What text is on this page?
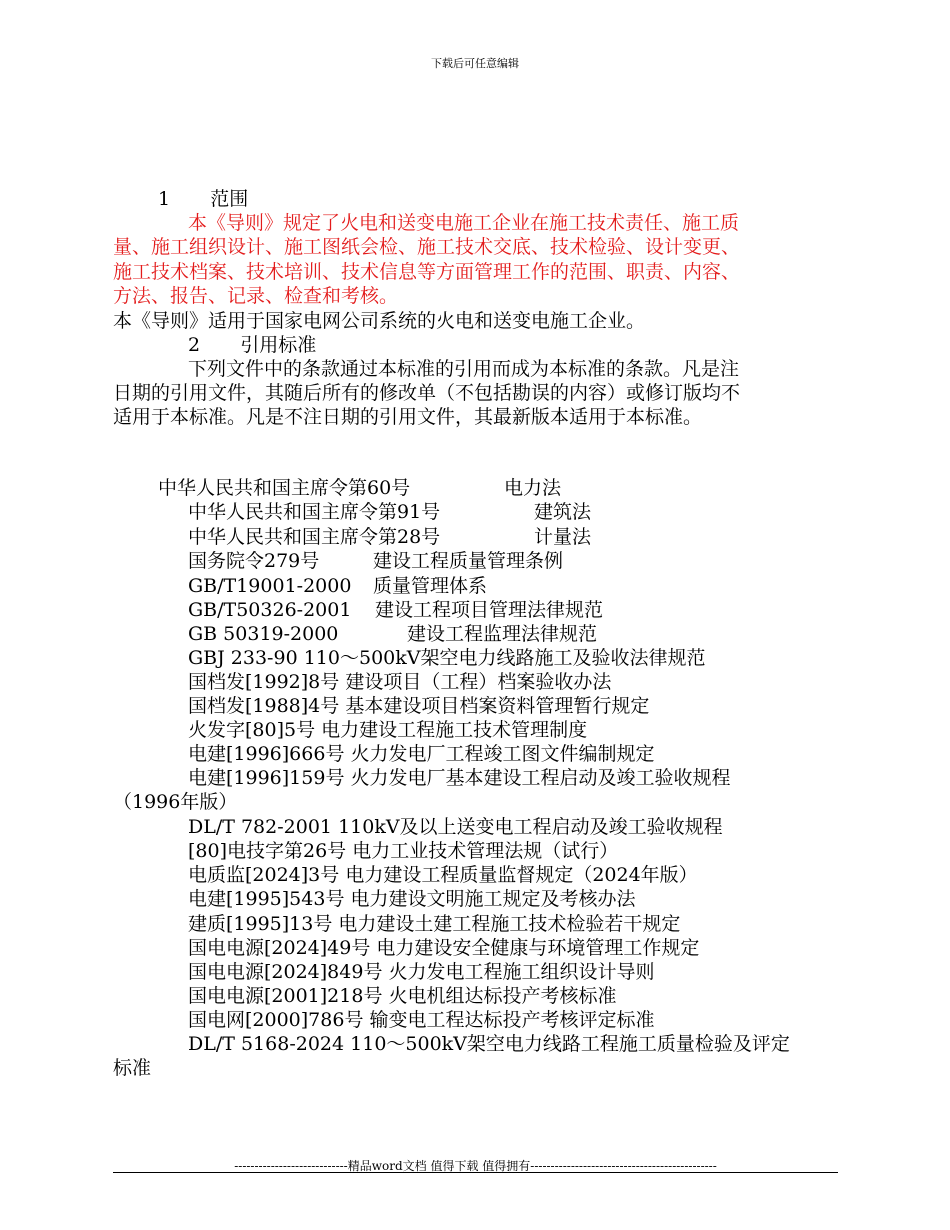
下载后可任意编辑
1 范围
本《导则》规定了火电和送变电施工企业在施工技术责任、施工质
量、施工组织设计、施工图纸会检、施工技术交底、技术检验、设计变更、
施工技术档案、技术培训、技术信息等方面管理工作的范围、职责、内容、
方法、报告、记录、检查和考核。
本《导则》适用于国家电网公司系统的火电和送变电施工企业。
2 引用标准
下列文件中的条款通过本标准的引用而成为本标准的条款。凡是注
日期的引用文件，其随后所有的修改单（不包括勘误的内容）或修订版均不
适用于本标准。凡是不注日期的引用文件，其最新版本适用于本标准。
中华人民共和国主席令第60号	电力法
中华人民共和国主席令第91号	建筑法
中华人民共和国主席令第28号	计量法
国务院令279号	建设工程质量管理条例
GB/T19001-2000 质量管理体系
GB/T50326-2001 建设工程项目管理法律规范
GB 50319-2000	建设工程监理法律规范
GBJ 233-90 110～500kV架空电力线路施工及验收法律规范
国档发[1992]8号 建设项目（工程）档案验收办法
国档发[1988]4号 基本建设项目档案资料管理暂行规定
火发字[80]5号 电力建设工程施工技术管理制度
电建[1996]666号 火力发电厂工程竣工图文件编制规定
电建[1996]159号 火力发电厂基本建设工程启动及竣工验收规程
（1996年版）
DL/T 782-2001 110kV及以上送变电工程启动及竣工验收规程
[80]电技字第26号 电力工业技术管理法规（试行）
电质监[2024]3号 电力建设工程质量监督规定（2024年版）
电建[1995]543号 电力建设文明施工规定及考核办法
建质[1995]13号 电力建设土建工程施工技术检验若干规定
国电电源[2024]49号 电力建设安全健康与环境管理工作规定
国电电源[2024]849号 火力发电工程施工组织设计导则
国电电源[2001]218号 火电机组达标投产考核标准
国电网[2000]786号 输变电工程达标投产考核评定标准
DL/T 5168-2024 110～500kV架空电力线路工程施工质量检验及评定
标准
----------------------------精品word文档 值得下载 值得拥有----------------------------------------------
